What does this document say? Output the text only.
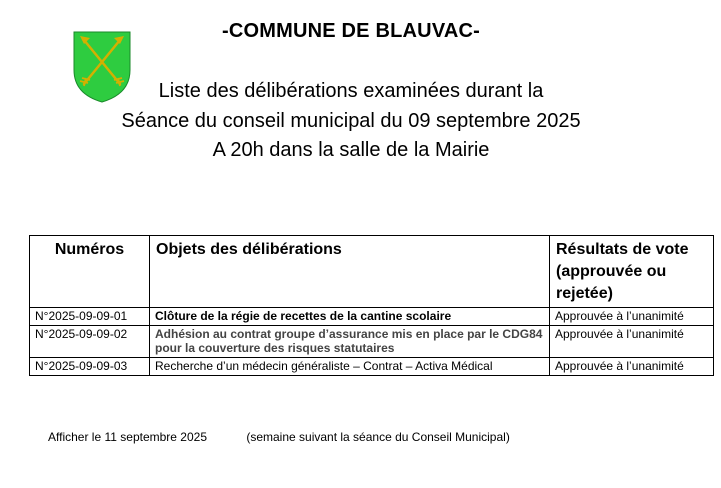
-COMMUNE DE BLAUVAC-
Liste des délibérations examinées durant la
Séance du conseil municipal du 09 septembre 2025
A 20h dans la salle de la Mairie
Numéros	Objets des délibérations	Résultats de vote
(approuvée ou
rejetée)
N°2025-09-09-01	Clôture de la régie de recettes de la cantine scolaire	Approuvée à l’unanimité
N°2025-09-09-02	Adhésion au contrat groupe d’assurance mis en place par le CDG84
pour la couverture des risques statutaires	Approuvée à l’unanimité
N°2025-09-09-03	Recherche d’un médecin généraliste – Contrat – Activa Médical	Approuvée à l’unanimité
Afficher le 11 septembre 2025	(semaine suivant la séance du Conseil Municipal)
